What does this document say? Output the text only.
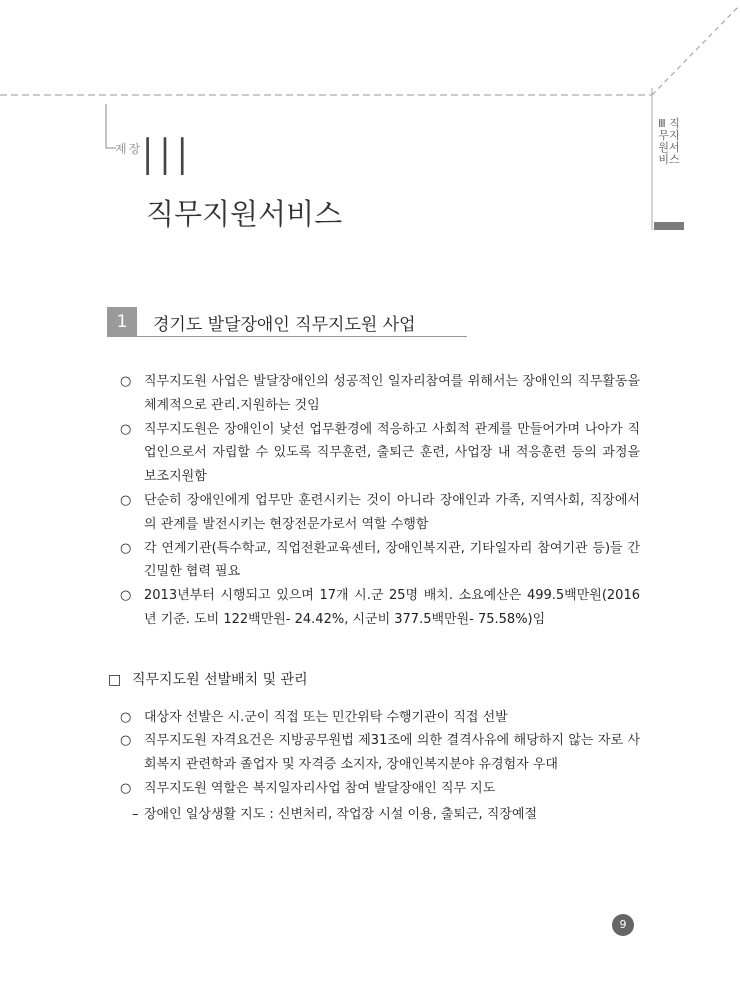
제장
III
직무지원서비스
Ⅲ 직무지원서비스
1	경기도 발달장애인 직무지도원 사업

○ 직무지도원 사업은 발달장애인의 성공적인 일자리참여를 위해서는 장애인의 직무활동을 체계적으로 관리.지원하는 것임

○ 직무지도원은 장애인이 낯선 업무환경에 적응하고 사회적 관계를 만들어가며 나아가 직업인으로서 자립할 수 있도록 직무훈련, 출퇴근 훈련, 사업장 내 적응훈련 등의 과정을 보조지원함

○ 단순히 장애인에게 업무만 훈련시키는 것이 아니라 장애인과 가족, 지역사회, 직장에서의 관계를 발전시키는 현장전문가로서 역할 수행함

○ 각 연계기관(특수학교, 직업전환교육센터, 장애인복지관, 기타일자리 참여기관 등)들 간 긴밀한 협력 필요

○ 2013년부터 시행되고 있으며 17개 시.군 25명 배치. 소요예산은 499.5백만원(2016년 기준. 도비 122백만원- 24.42%, 시군비 377.5백만원- 75.58%)임

□ 직무지도원 선발배치 및 관리

○ 대상자 선발은 시.군이 직접 또는 민간위탁 수행기관이 직접 선발

○ 직무지도원 자격요건은 지방공무원법 제31조에 의한 결격사유에 해당하지 않는 자로 사회복지 관련학과 졸업자 및 자격증 소지자, 장애인복지분야 유경험자 우대

○ 직무지도원 역할은 복지일자리사업 참여 발달장애인 직무 지도

– 장애인 일상생활 지도 : 신변처리, 작업장 시설 이용, 출퇴근, 직장예절

9
